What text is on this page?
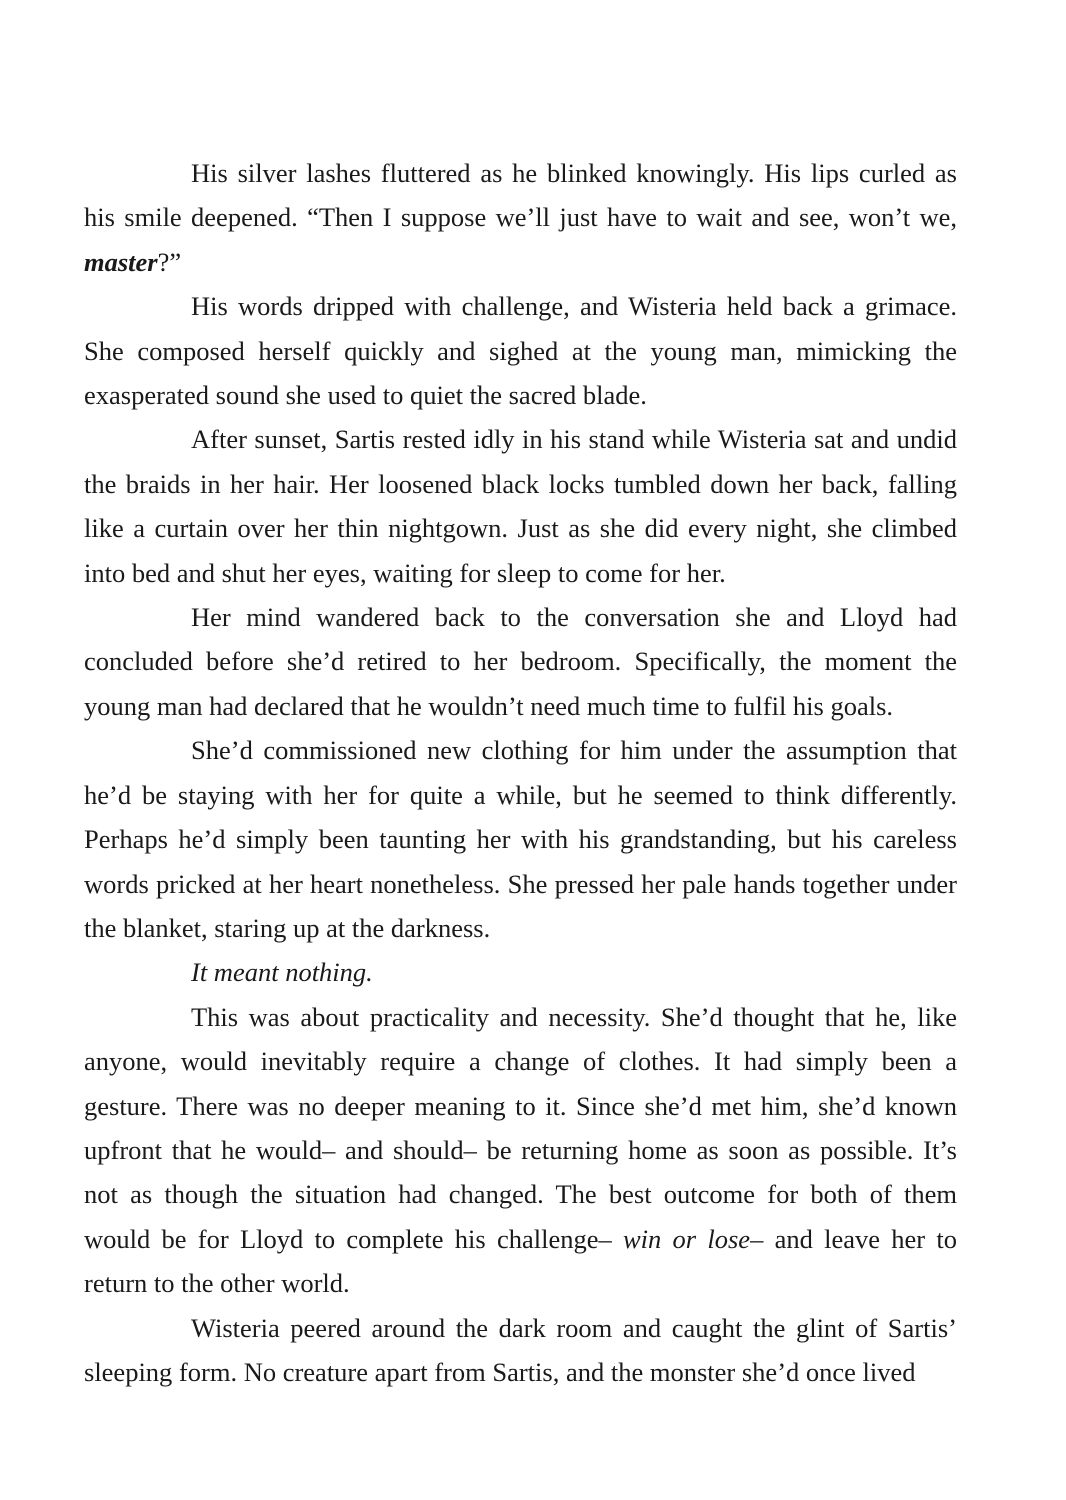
His silver lashes fluttered as he blinked knowingly. His lips curled as his smile deepened. “Then I suppose we’ll just have to wait and see, won’t we, master?”

His words dripped with challenge, and Wisteria held back a grimace. She composed herself quickly and sighed at the young man, mimicking the exasperated sound she used to quiet the sacred blade.

After sunset, Sartis rested idly in his stand while Wisteria sat and undid the braids in her hair. Her loosened black locks tumbled down her back, falling like a curtain over her thin nightgown. Just as she did every night, she climbed into bed and shut her eyes, waiting for sleep to come for her.

Her mind wandered back to the conversation she and Lloyd had concluded before she’d retired to her bedroom. Specifically, the moment the young man had declared that he wouldn’t need much time to fulfil his goals.

She’d commissioned new clothing for him under the assumption that he’d be staying with her for quite a while, but he seemed to think differently. Perhaps he’d simply been taunting her with his grandstanding, but his careless words pricked at her heart nonetheless. She pressed her pale hands together under the blanket, staring up at the darkness.

It meant nothing.

This was about practicality and necessity. She’d thought that he, like anyone, would inevitably require a change of clothes. It had simply been a gesture. There was no deeper meaning to it. Since she’d met him, she’d known upfront that he would– and should– be returning home as soon as possible. It’s not as though the situation had changed. The best outcome for both of them would be for Lloyd to complete his challenge– win or lose– and leave her to return to the other world.

Wisteria peered around the dark room and caught the glint of Sartis’ sleeping form. No creature apart from Sartis, and the monster she’d once lived
